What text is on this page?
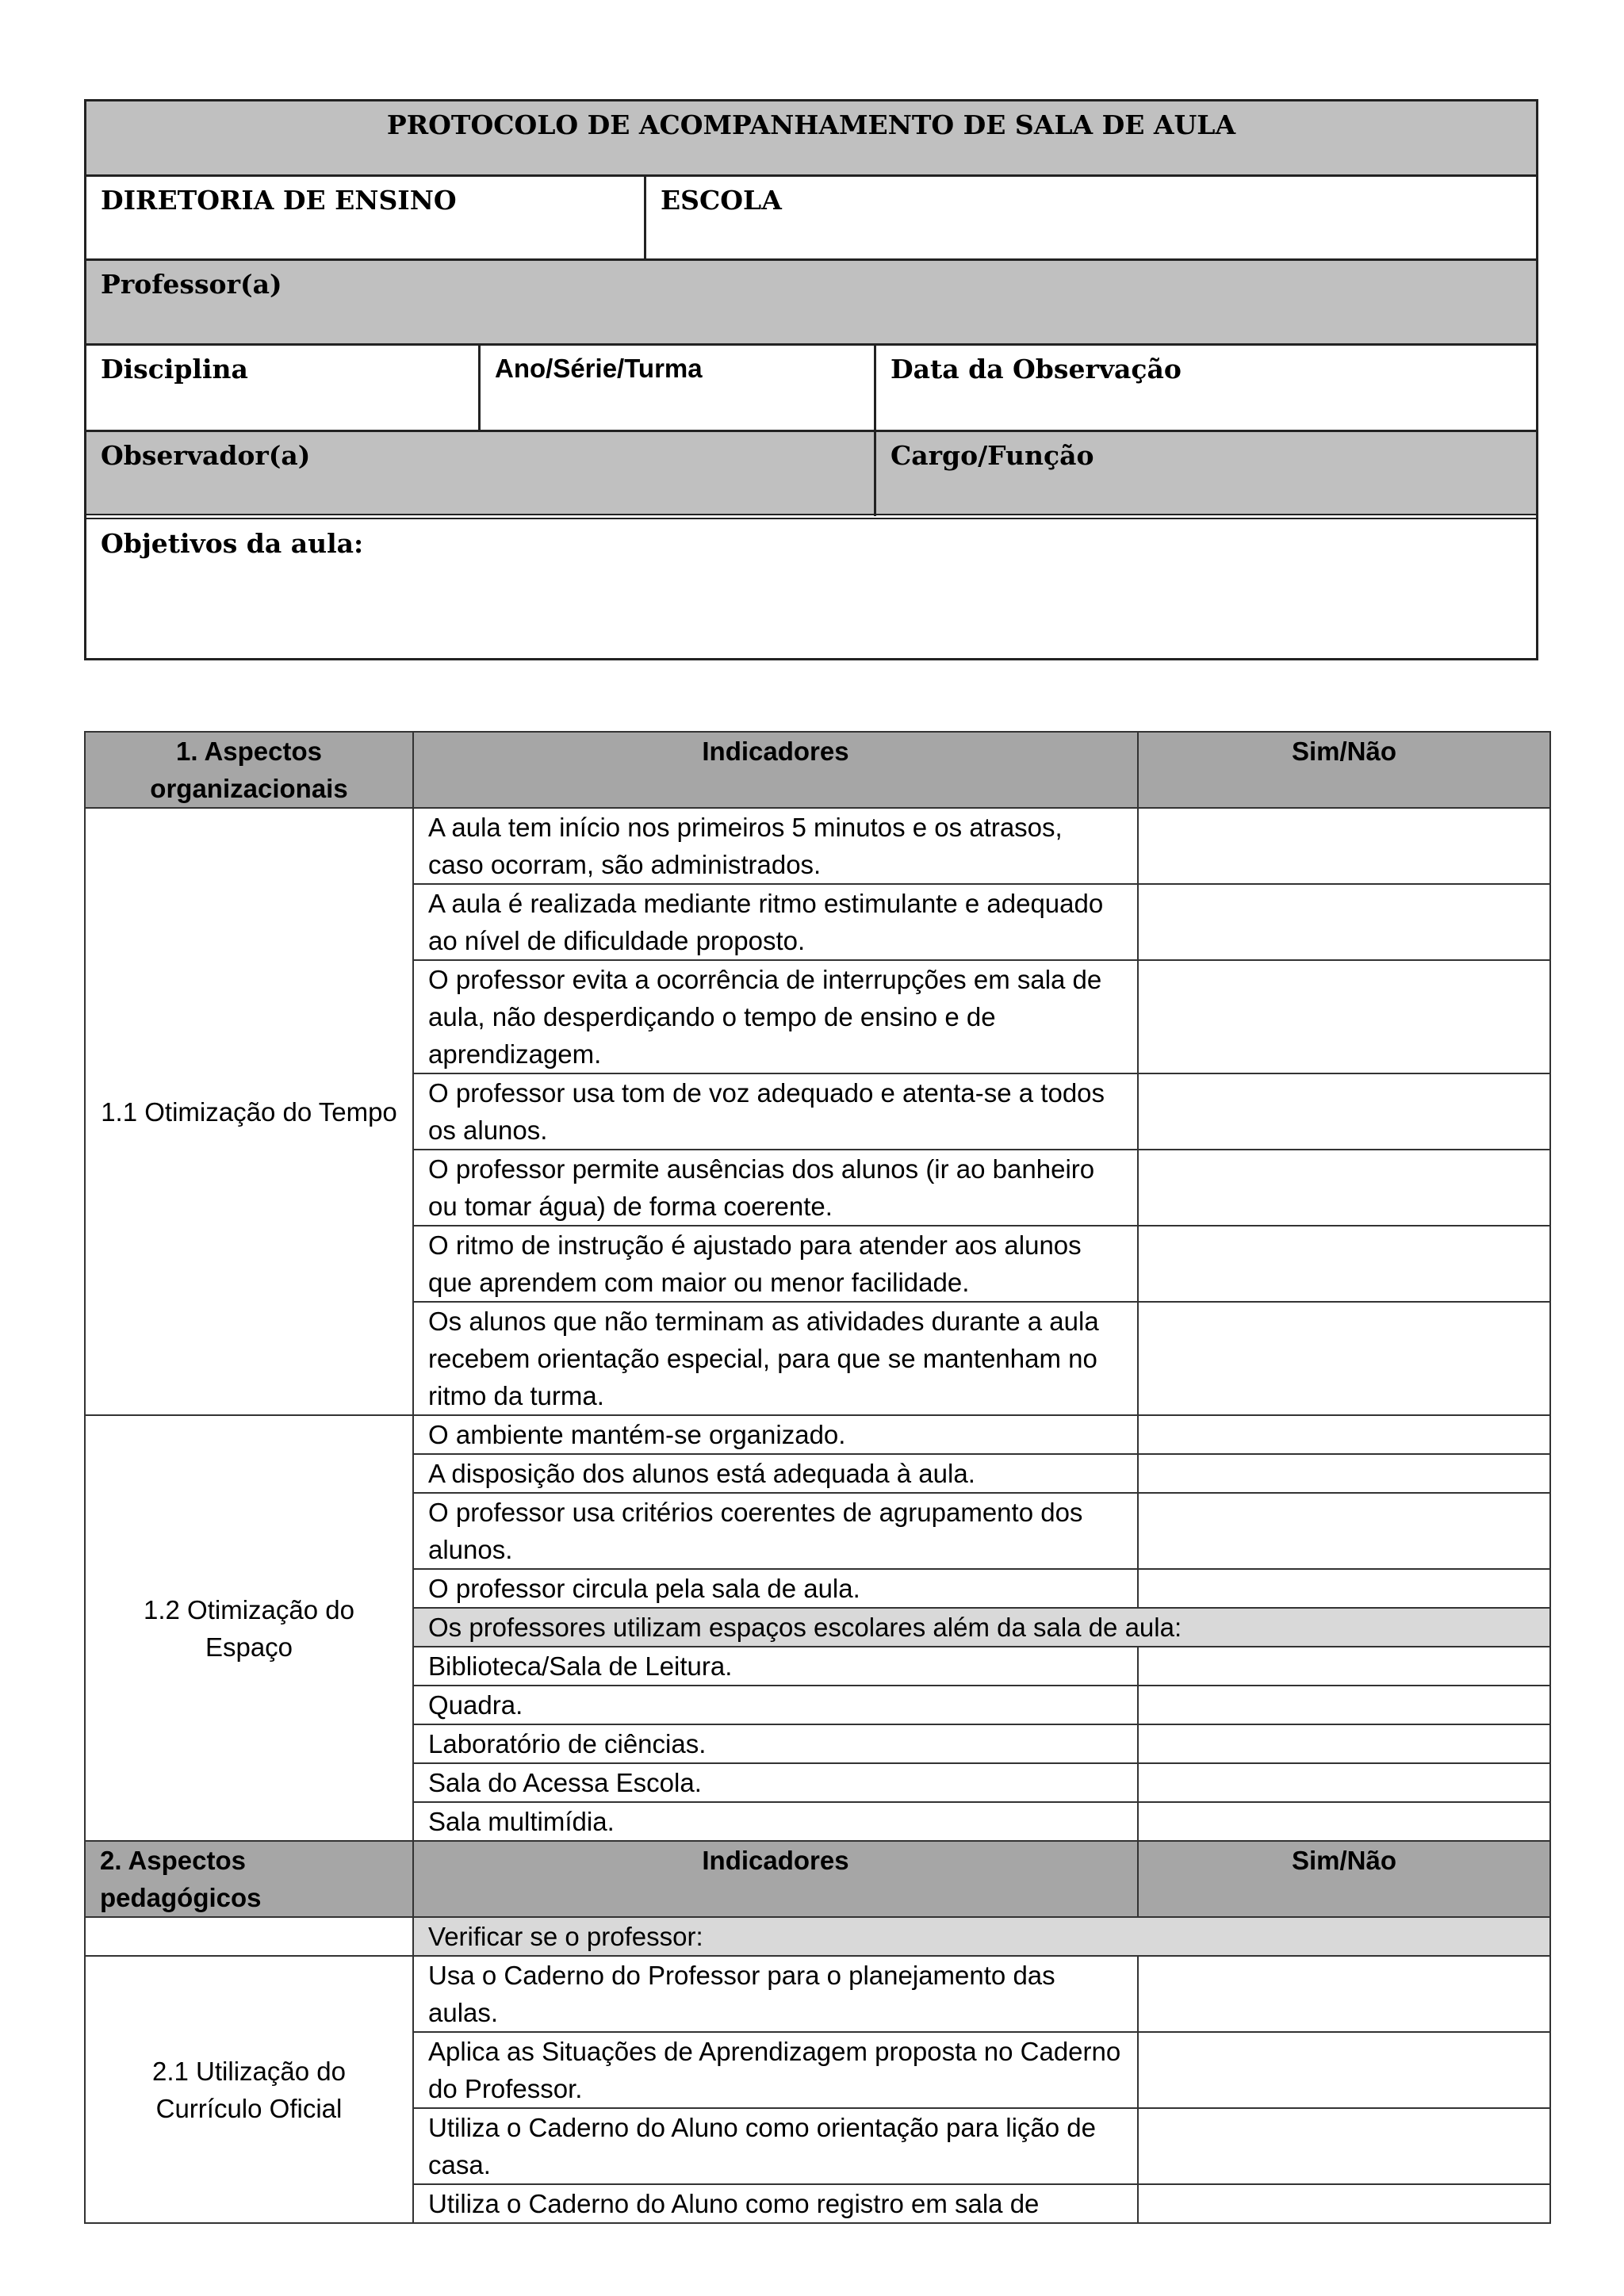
PROTOCOLO DE ACOMPANHAMENTO DE SALA DE AULA
DIRETORIA DE ENSINO	ESCOLA
Professor(a)
Disciplina	Ano/Série/Turma	Data da Observação
Observador(a)	Cargo/Função
Objetivos da aula:
1. Aspectos organizacionais	Indicadores	Sim/Não
1.1 Otimização do Tempo	A aula tem início nos primeiros 5 minutos e os atrasos, caso ocorram, são administrados.	
	A aula é realizada mediante ritmo estimulante e adequado ao nível de dificuldade proposto.	
	O professor evita a ocorrência de interrupções em sala de aula, não desperdiçando o tempo de ensino e de aprendizagem.	
	O professor usa tom de voz adequado e atenta-se a todos os alunos.	
	O professor permite ausências dos alunos (ir ao banheiro ou tomar água) de forma coerente.	
	O ritmo de instrução é ajustado para atender aos alunos que aprendem com maior ou menor facilidade.	
	Os alunos que não terminam as atividades durante a aula recebem orientação especial, para que se mantenham no ritmo da turma.	
1.2 Otimização do Espaço	O ambiente mantém-se organizado.	
	A disposição dos alunos está adequada à aula.	
	O professor usa critérios coerentes de agrupamento dos alunos.	
	O professor circula pela sala de aula.	
	Os professores utilizam espaços escolares além da sala de aula:	
	Biblioteca/Sala de Leitura.	
	Quadra.	
	Laboratório de ciências.	
	Sala do Acessa Escola.	
	Sala multimídia.	
2. Aspectos pedagógicos	Indicadores	Sim/Não
	Verificar se o professor:	
2.1 Utilização do Currículo Oficial	Usa o Caderno do Professor para o planejamento das aulas.	
	Aplica as Situações de Aprendizagem proposta no Caderno do Professor.	
	Utiliza o Caderno do Aluno como orientação para lição de casa.	
	Utiliza o Caderno do Aluno como registro em sala de	
